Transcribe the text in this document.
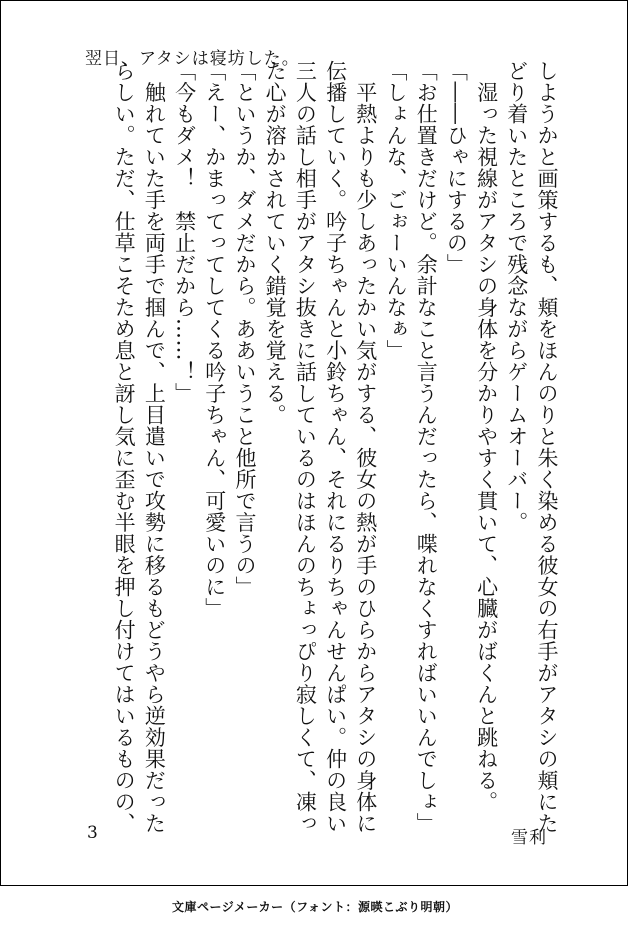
翌日、アタシは寝坊した。
しようかと画策するも、頬をほんのりと朱く染める彼女の右手がアタシの頬にた
どり着いたところで残念ながらゲームオーバー。
　湿った視線がアタシの身体を分かりやすく貫いて、心臓がばくんと跳ねる。
「――ひゃにするの」
「お仕置きだけど。余計なこと言うんだったら、喋れなくすればいいんでしょ」
「しょんな、ごぉーいんなぁ」
　平熱よりも少しあったかい気がする、彼女の熱が手のひらからアタシの身体に
伝播していく。吟子ちゃんと小鈴ちゃん、それにるりちゃんせんぱい。仲の良い
三人の話し相手がアタシ抜きに話しているのはほんのちょっぴり寂しくて、凍っ
た心が溶かされていく錯覚を覚える。
「というか、ダメだから。ああいうこと他所で言うの」
「えー、かまってってしてくる吟子ちゃん、可愛いのに」
「今もダメ！　禁止だから……！」
　触れていた手を両手で掴んで、上目遣いで攻勢に移るもどうやら逆効果だった
らしい。ただ、仕草こそため息と訝し気に歪む半眼を押し付けてはいるものの、
3	雪利
文庫ページメーカー（フォント：源暎こぶり明朝）
